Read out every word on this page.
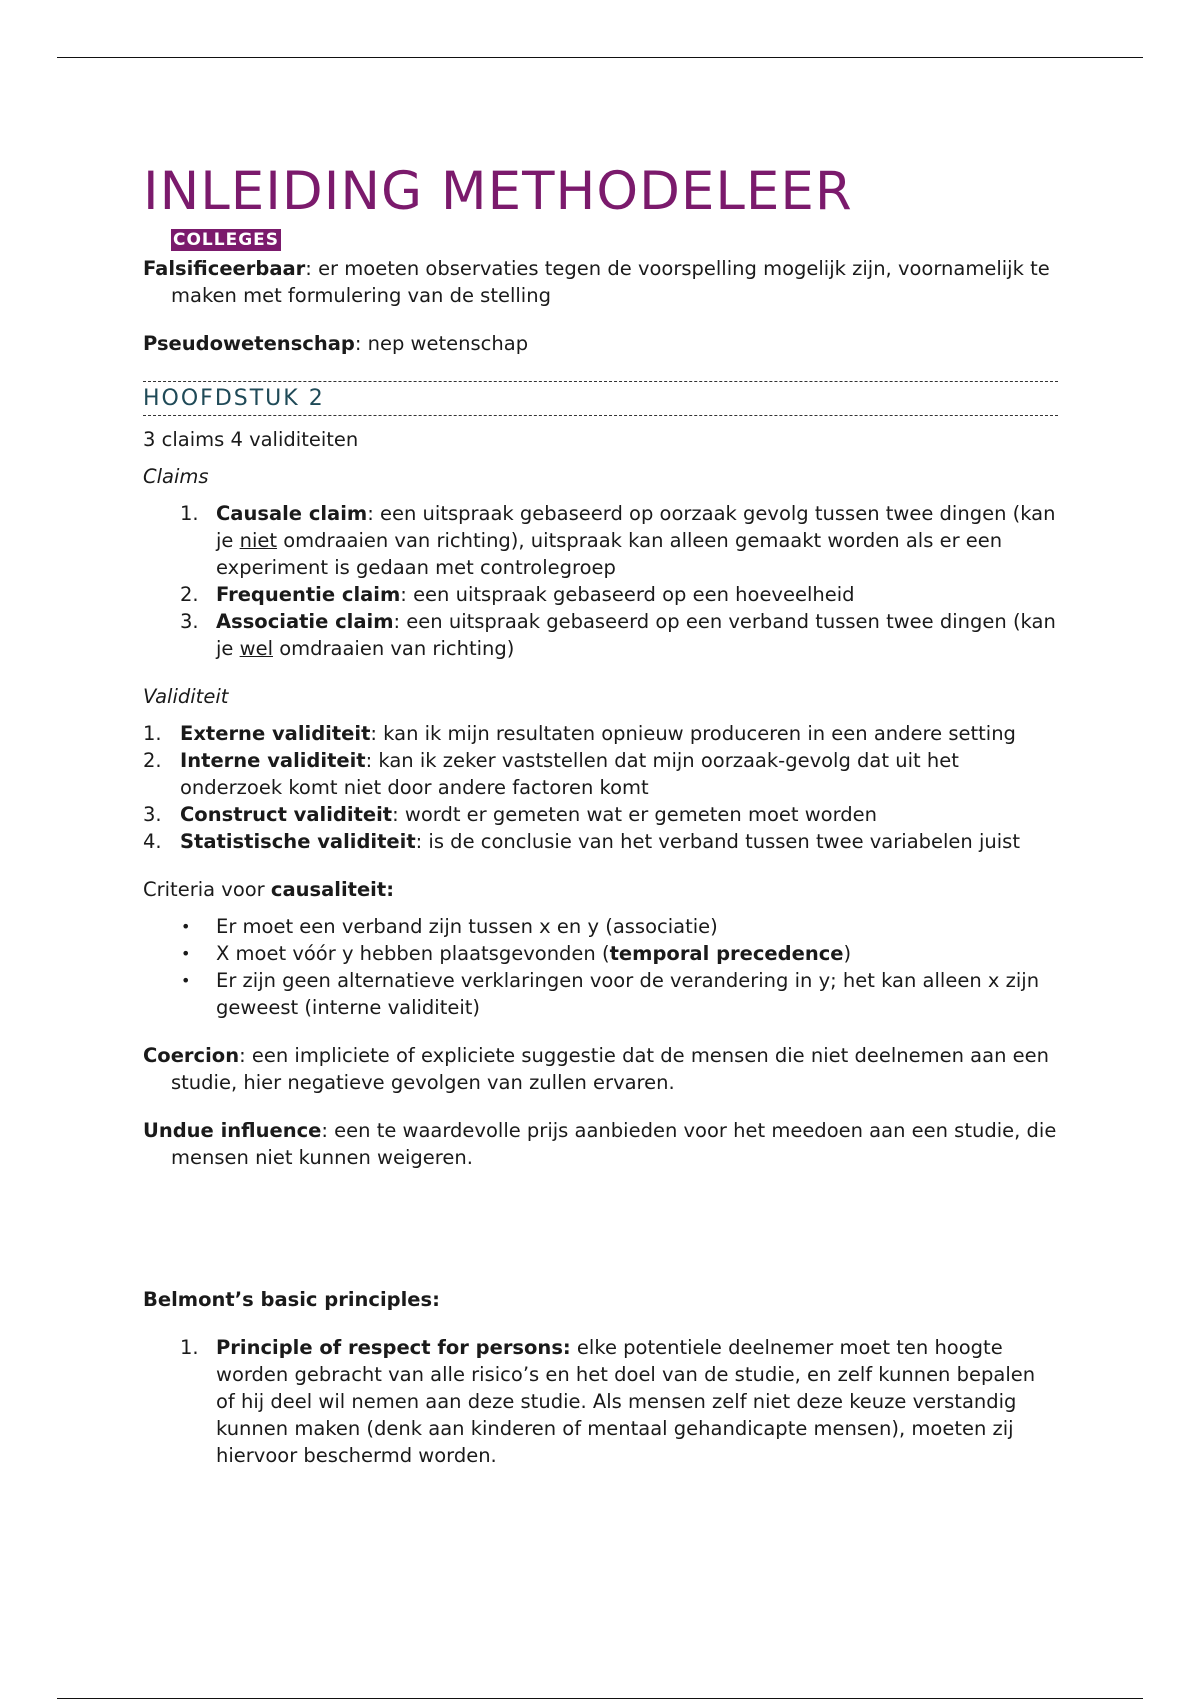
INLEIDING METHODELEER
COLLEGES

Falsificeerbaar: er moeten observaties tegen de voorspelling mogelijk zijn, voornamelijk te maken met formulering van de stelling

Pseudowetenschap: nep wetenschap

HOOFDSTUK 2

3 claims 4 validiteiten

Claims

1. Causale claim: een uitspraak gebaseerd op oorzaak gevolg tussen twee dingen (kan je niet omdraaien van richting), uitspraak kan alleen gemaakt worden als er een experiment is gedaan met controlegroep
2. Frequentie claim: een uitspraak gebaseerd op een hoeveelheid
3. Associatie claim: een uitspraak gebaseerd op een verband tussen twee dingen (kan je wel omdraaien van richting)

Validiteit

1. Externe validiteit: kan ik mijn resultaten opnieuw produceren in een andere setting
2. Interne validiteit: kan ik zeker vaststellen dat mijn oorzaak-gevolg dat uit het onderzoek komt niet door andere factoren komt
3. Construct validiteit: wordt er gemeten wat er gemeten moet worden
4. Statistische validiteit: is de conclusie van het verband tussen twee variabelen juist

Criteria voor causaliteit:

• Er moet een verband zijn tussen x en y (associatie)
• X moet vóór y hebben plaatsgevonden (temporal precedence)
• Er zijn geen alternatieve verklaringen voor de verandering in y; het kan alleen x zijn geweest (interne validiteit)

Coercion: een impliciete of expliciete suggestie dat de mensen die niet deelnemen aan een studie, hier negatieve gevolgen van zullen ervaren.

Undue influence: een te waardevolle prijs aanbieden voor het meedoen aan een studie, die mensen niet kunnen weigeren.

Belmont’s basic principles:

1. Principle of respect for persons: elke potentiele deelnemer moet ten hoogte worden gebracht van alle risico’s en het doel van de studie, en zelf kunnen bepalen of hij deel wil nemen aan deze studie. Als mensen zelf niet deze keuze verstandig kunnen maken (denk aan kinderen of mentaal gehandicapte mensen), moeten zij hiervoor beschermd worden.
